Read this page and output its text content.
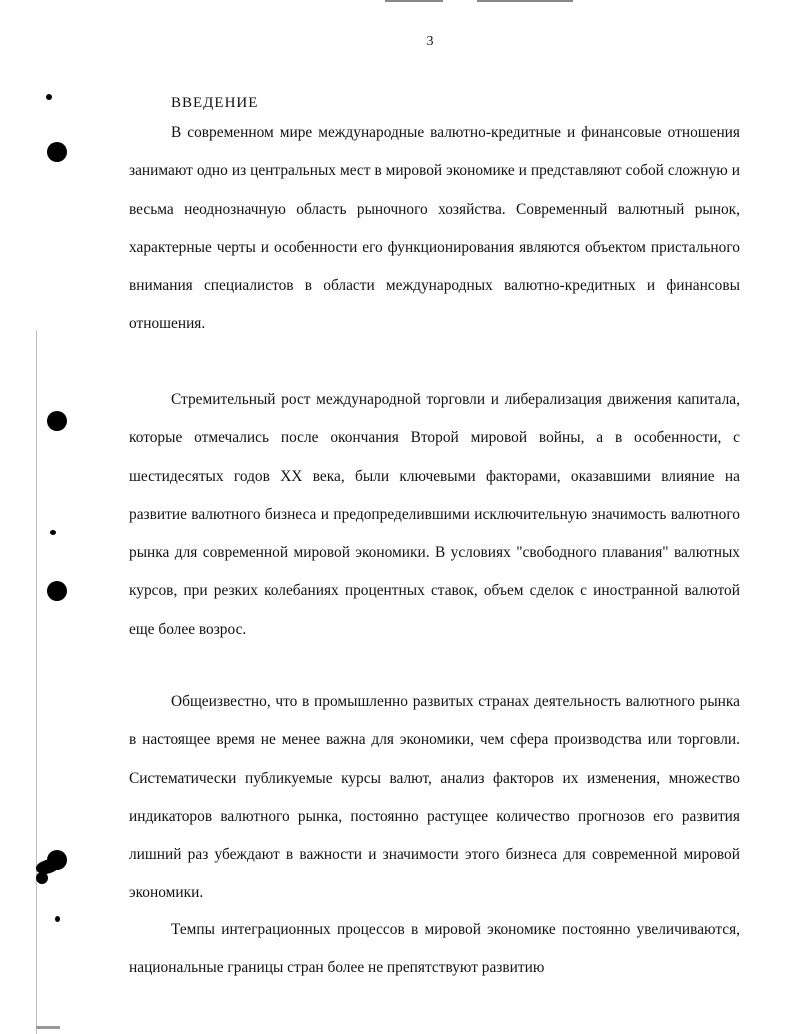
3
ВВЕДЕНИЕ

В современном мире международные валютно-кредитные и финансовые отношения занимают одно из центральных мест в мировой экономике и представляют собой сложную и весьма неоднозначную область рыночного хозяйства. Современный валютный рынок, характерные черты и особенности его функционирования являются объектом пристального внимания специалистов в области международных валютно-кредитных и финансовы отношения.

Стремительный рост международной торговли и либерализация движения капитала, которые отмечались после окончания Второй мировой войны, а в особенности, с шестидесятых годов XX века, были ключевыми факторами, оказавшими влияние на развитие валютного бизнеса и предопределившими исключительную значимость валютного рынка для современной мировой экономики. В условиях "свободного плавания" валютных курсов, при резких колебаниях процентных ставок, объем сделок с иностранной валютой еще более возрос.

Общеизвестно, что в промышленно развитых странах деятельность валютного рынка в настоящее время не менее важна для экономики, чем сфера производства или торговли. Систематически публикуемые курсы валют, анализ факторов их изменения, множество индикаторов валютного рынка, постоянно растущее количество прогнозов его развития лишний раз убеждают в важности и значимости этого бизнеса для современной мировой экономики.

Темпы интеграционных процессов в мировой экономике постоянно увеличиваются, национальные границы стран более не препятствуют развитию
